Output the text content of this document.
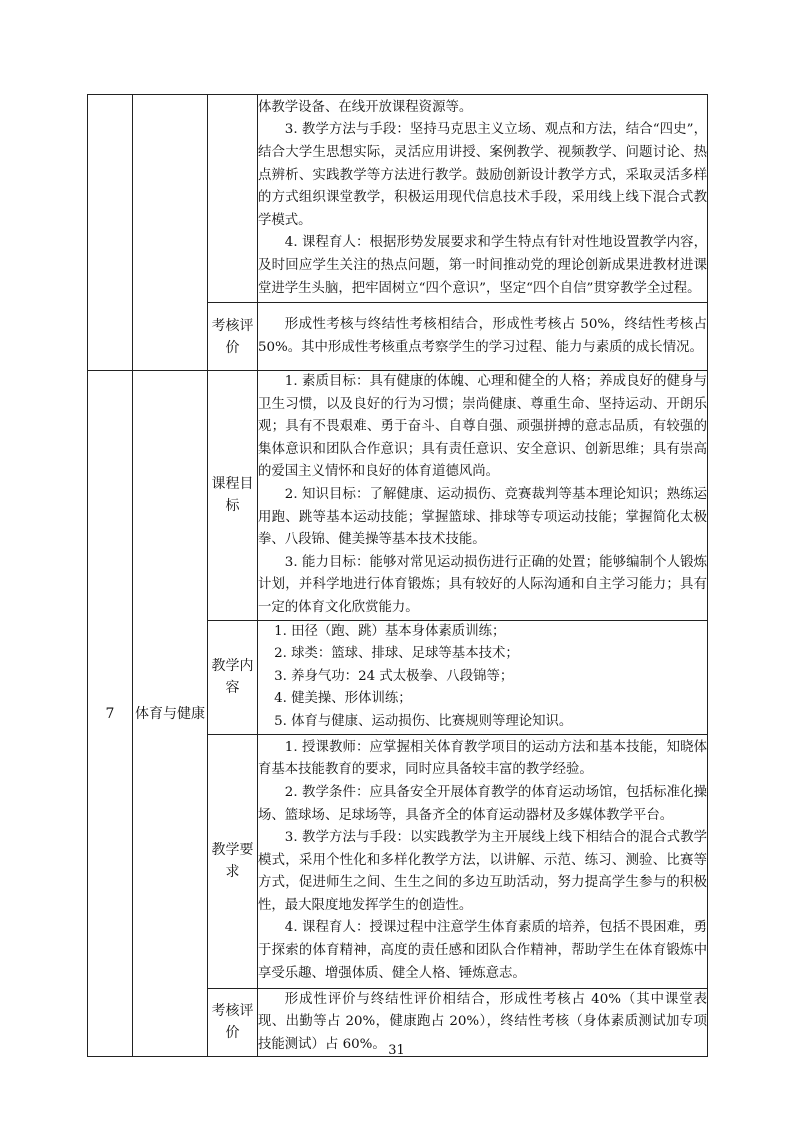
			体教学设备、在线开放课程资源等。

3. 教学方法与手段：坚持马克思主义立场、观点和方法，结合“四史”，结合大学生思想实际，灵活应用讲授、案例教学、视频教学、问题讨论、热点辨析、实践教学等方法进行教学。鼓励创新设计教学方式，采取灵活多样的方式组织课堂教学，积极运用现代信息技术手段，采用线上线下混合式教学模式。

4. 课程育人：根据形势发展要求和学生特点有针对性地设置教学内容，及时回应学生关注的热点问题，第一时间推动党的理论创新成果进教材进课堂进学生头脑，把牢固树立“四个意识”，坚定“四个自信”贯穿教学全过程。

		考核评价	形成性考核与终结性考核相结合，形成性考核占 50%，终结性考核占 50%。其中形成性考核重点考察学生的学习过程、能力与素质的成长情况。

7	体育与健康	课程目标	1. 素质目标：具有健康的体魄、心理和健全的人格；养成良好的健身与卫生习惯，以及良好的行为习惯；崇尚健康、尊重生命、坚持运动、开朗乐观；具有不畏艰难、勇于奋斗、自尊自强、顽强拼搏的意志品质，有较强的集体意识和团队合作意识；具有责任意识、安全意识、创新思维；具有崇高的爱国主义情怀和良好的体育道德风尚。

2. 知识目标：了解健康、运动损伤、竞赛裁判等基本理论知识；熟练运用跑、跳等基本运动技能；掌握篮球、排球等专项运动技能；掌握简化太极拳、八段锦、健美操等基本技术技能。

3. 能力目标：能够对常见运动损伤进行正确的处置；能够编制个人锻炼计划，并科学地进行体育锻炼；具有较好的人际沟通和自主学习能力；具有一定的体育文化欣赏能力。

		教学内容	1. 田径（跑、跳）基本身体素质训练；

2. 球类：篮球、排球、足球等基本技术；

3. 养身气功：24 式太极拳、八段锦等；

4. 健美操、形体训练；

5. 体育与健康、运动损伤、比赛规则等理论知识。

		教学要求	1. 授课教师：应掌握相关体育教学项目的运动方法和基本技能，知晓体育基本技能教育的要求，同时应具备较丰富的教学经验。

2. 教学条件：应具备安全开展体育教学的体育运动场馆，包括标准化操场、篮球场、足球场等，具备齐全的体育运动器材及多媒体教学平台。

3. 教学方法与手段：以实践教学为主开展线上线下相结合的混合式教学模式，采用个性化和多样化教学方法，以讲解、示范、练习、测验、比赛等方式，促进师生之间、生生之间的多边互助活动，努力提高学生参与的积极性，最大限度地发挥学生的创造性。

4. 课程育人：授课过程中注意学生体育素质的培养，包括不畏困难，勇于探索的体育精神，高度的责任感和团队合作精神，帮助学生在体育锻炼中享受乐趣、增强体质、健全人格、锤炼意志。

		考核评价	形成性评价与终结性评价相结合，形成性考核占 40%（其中课堂表现、出勤等占 20%，健康跑占 20%），终结性考核（身体素质测试加专项技能测试）占 60%。 31
